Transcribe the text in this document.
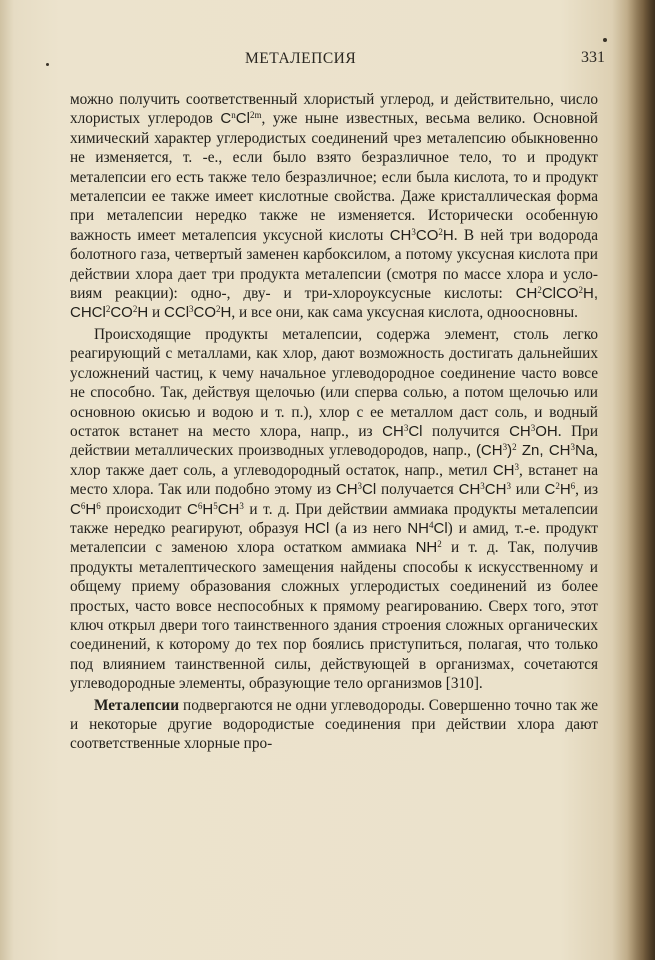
МЕТАЛЕПСИЯ	331

можно получить соответственный хлористый углерод, и действительно, число хлористых углеродов $C^nCl^{2m}$, уже ныне известных, весьма велико. Основной химический характер углеродистых соединений чрез металепсию обыкновенно не изменяется, т. -е., если было взято безразличное тело, то и продукт металепсии его есть также тело безразличное; если была кислота, то и продукт металепсии ее также имеет кислотные свойства. Даже кристаллическая форма при металепсии нередко также не изменяется. Исторически особенную важность имеет металепсия уксусной кислоты $CH^3CO^2H$. В ней три водорода болотного газа, четвертый заменен карбоксилом, а потому уксусная кислота при действии хлора дает три продукта металепсии (смотря по массе хлора и условиям реакции): одно-, дву- и три-хлороуксусные кислоты: $CH^2ClCO^2H$, $CHCl^2CO^2H$ и $CCl^3CO^2H$, и все они, как сама уксусная кислота, одноосновны.

Происходящие продукты металепсии, содержа элемент, столь легко реагирующий с металлами, как хлор, дают возможность достигать дальнейших усложнений частиц, к чему начальное углеводородное соединение часто вовсе не способно. Так, действуя щелочью (или сперва солью, а потом щелочью или основною окисью и водою и т. п.), хлор с ее металлом даст соль, и водный остаток встанет на место хлора, напр., из $CH^3Cl$ получится $CH^3OH$. При действии металлических производных углеводородов, напр., $(CH^3)^2$ Zn, $CH^3Na$, хлор также дает соль, а углеводородный остаток, напр., метил $CH^3$, встанет на место хлора. Так или подобно этому из $CH^3Cl$ получается $CH^3CH^3$ или $C^2H^6$, из $C^6H^6$ происходит $C^6H^5CH^3$ и т. д. При действии аммиака продукты металепсии также нередко реагируют, образуя HCl (а из него $NH^4Cl$) и амид, т.-е. продукт металепсии с заменою хлора остатком аммиака $NH^2$ и т. д. Так, получив продукты металептического замещения найдены способы к искусственному и общему приему образования сложных углеродистых соединений из более простых, часто вовсе неспособных к прямому реагированию. Сверх того, этот ключ открыл двери того таинственного здания строения сложных органических соединений, к которому до тех пор боялись приступиться, полагая, что только под влиянием таинственной силы, действующей в организмах, сочетаются углеводородные элементы, образующие тело организмов [310].

Металепсии подвергаются не одни углеводороды. Совершенно точно так же и некоторые другие водородистые соединения при действии хлора дают соответственные хлорные про-
